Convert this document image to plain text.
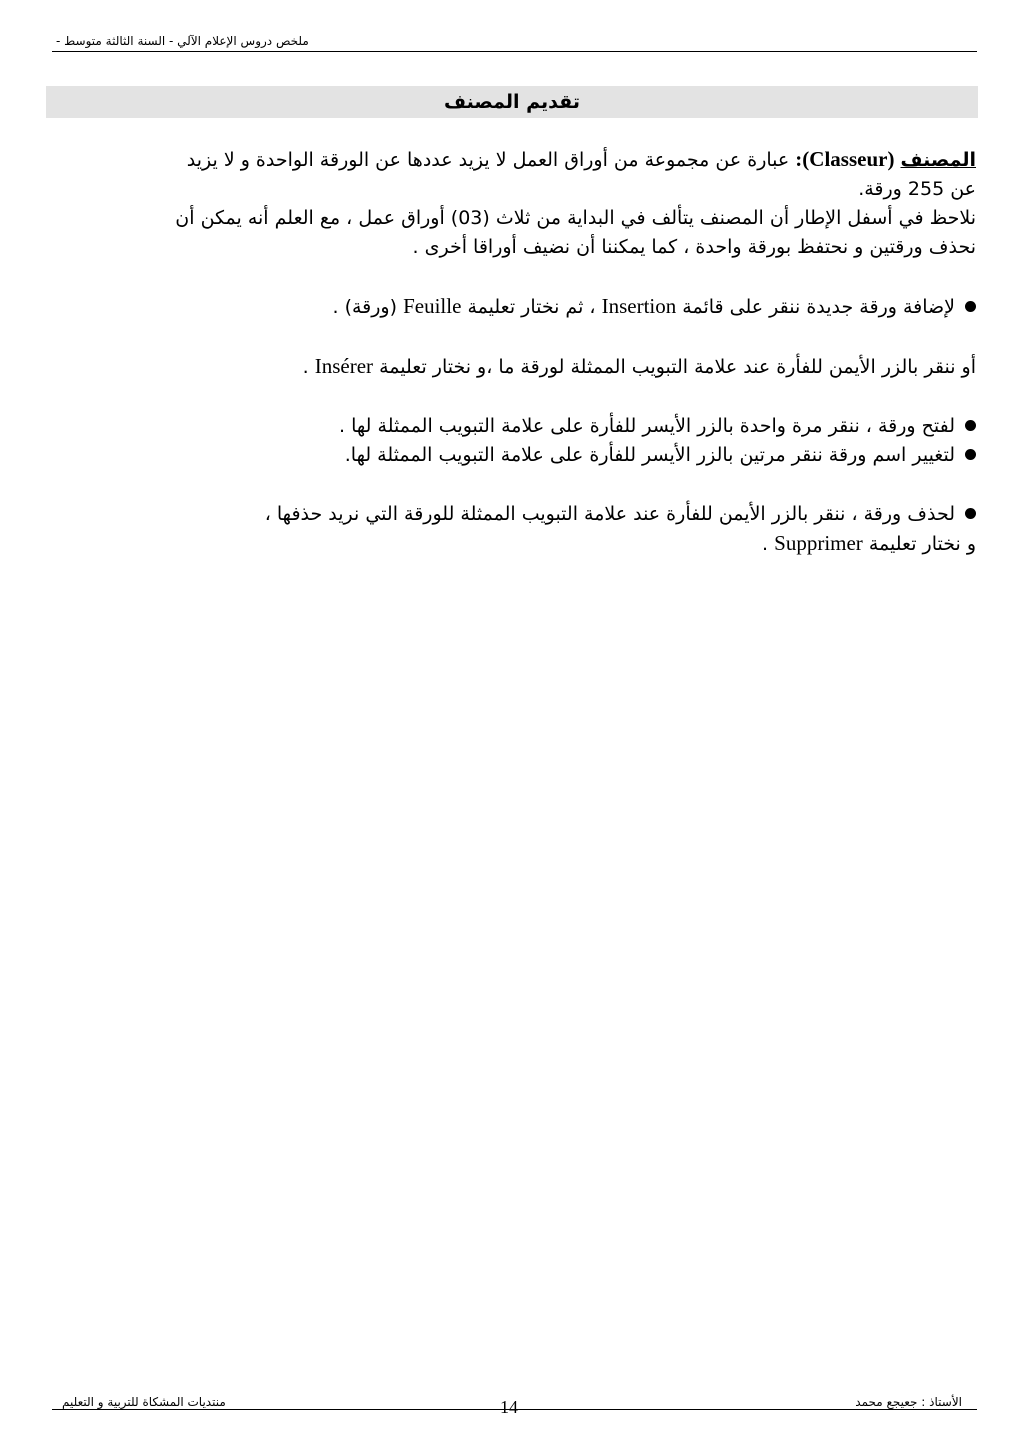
ملخص دروس الإعلام الآلي - السنة الثالثة متوسط -
تقديم المصنف

المصنف (Classeur): عبارة عن مجموعة من أوراق العمل لا يزيد عددها عن الورقة الواحدة و لا يزيد

عن 255 ورقة.

نلاحظ في أسفل الإطار أن المصنف يتألف في البداية من ثلاث (03) أوراق عمل ، مع العلم أنه يمكن أن

نحذف ورقتين و نحتفظ بورقة واحدة ، كما يمكننا أن نضيف أوراقا أخرى .

لإضافة ورقة جديدة ننقر على قائمة Insertion ، ثم نختار تعليمة Feuille (ورقة) .

أو ننقر بالزر الأيمن للفأرة عند علامة التبويب الممثلة لورقة ما ،و نختار تعليمة Insérer .

لفتح ورقة ، ننقر مرة واحدة بالزر الأيسر للفأرة على علامة التبويب الممثلة لها .
لتغيير اسم ورقة ننقر مرتين بالزر الأيسر للفأرة على علامة التبويب الممثلة لها.
لحذف ورقة ، ننقر بالزر الأيمن للفأرة عند علامة التبويب الممثلة للورقة التي نريد حذفها ،

و نختار تعليمة Supprimer .

منتديات المشكاة للتربية و التعليم	14	الأستاذ : جعيجع محمد
